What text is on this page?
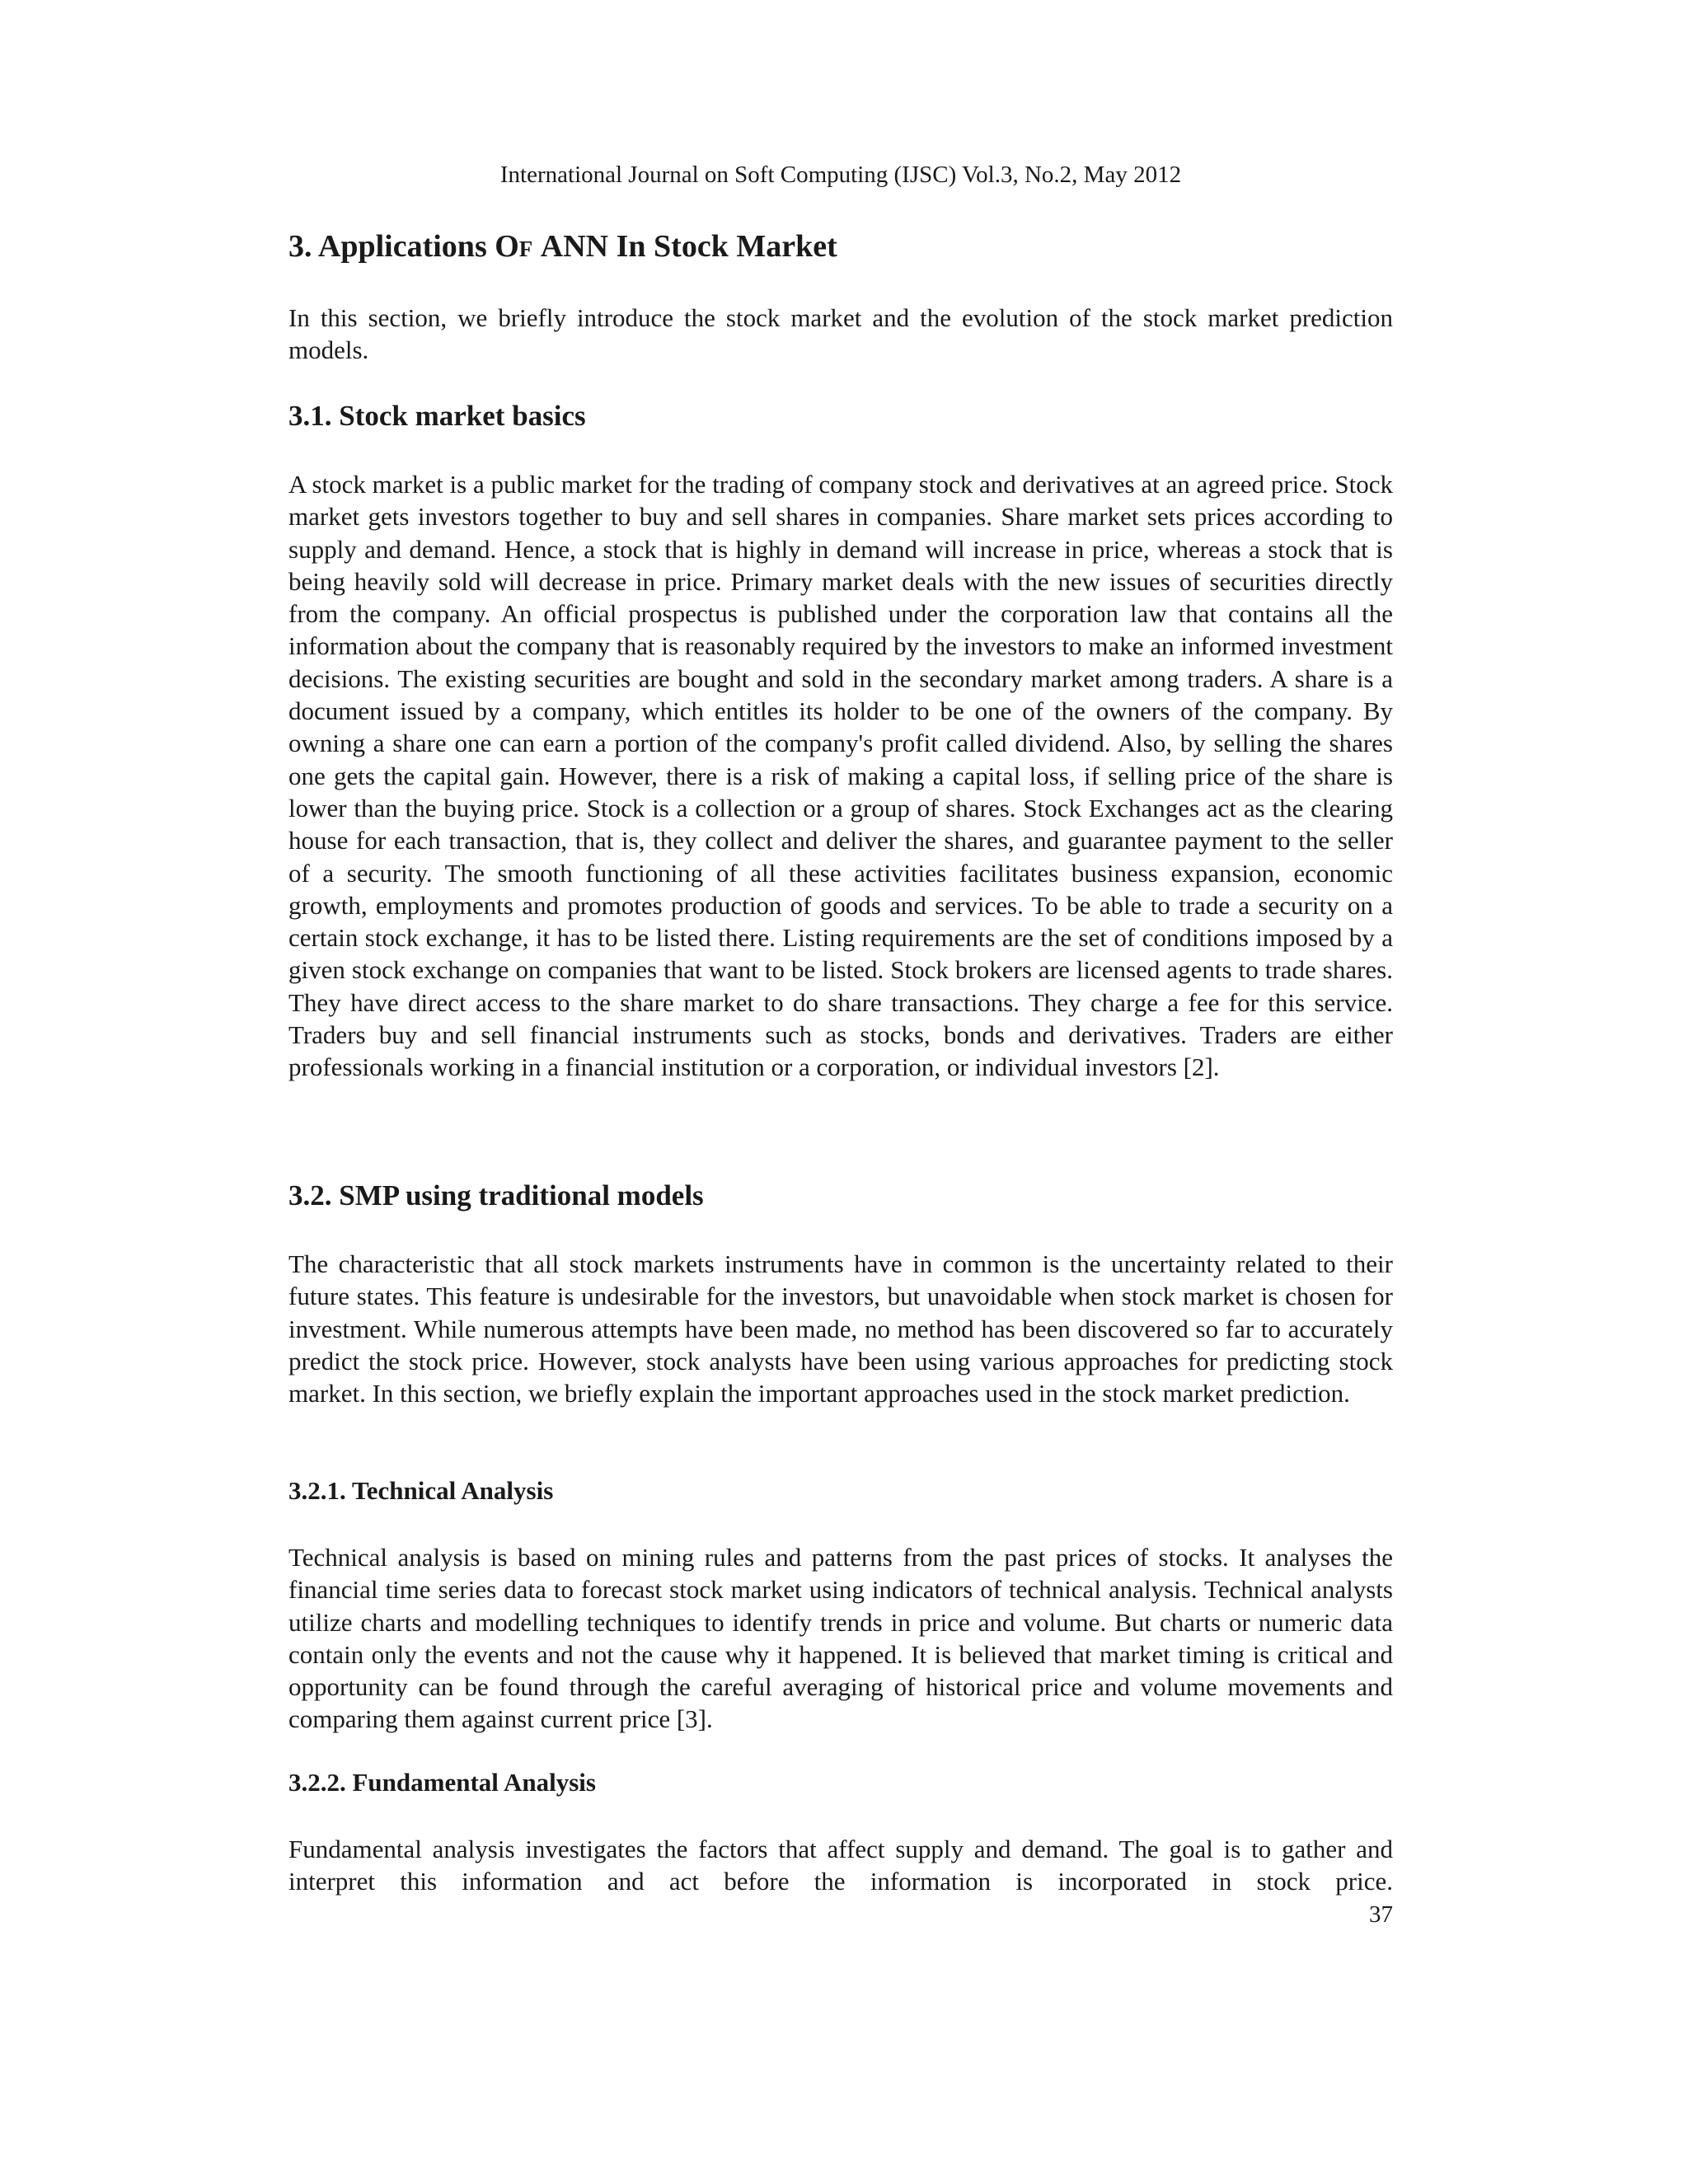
International Journal on Soft Computing (IJSC) Vol.3, No.2, May 2012
3. Applications Of ANN In Stock Market

In this section, we briefly introduce the stock market and the evolution of the stock market prediction models.

3.1. Stock market basics

A stock market is a public market for the trading of company stock and derivatives at an agreed price. Stock market gets investors together to buy and sell shares in companies. Share market sets prices according to supply and demand. Hence, a stock that is highly in demand will increase in price, whereas a stock that is being heavily sold will decrease in price. Primary market deals with the new issues of securities directly from the company. An official prospectus is published under the corporation law that contains all the information about the company that is reasonably required by the investors to make an informed investment decisions. The existing securities are bought and sold in the secondary market among traders. A share is a document issued by a company, which entitles its holder to be one of the owners of the company. By owning a share one can earn a portion of the company's profit called dividend. Also, by selling the shares one gets the capital gain. However, there is a risk of making a capital loss, if selling price of the share is lower than the buying price. Stock is a collection or a group of shares. Stock Exchanges act as the clearing house for each transaction, that is, they collect and deliver the shares, and guarantee payment to the seller of a security. The smooth functioning of all these activities facilitates business expansion, economic growth, employments and promotes production of goods and services. To be able to trade a security on a certain stock exchange, it has to be listed there. Listing requirements are the set of conditions imposed by a given stock exchange on companies that want to be listed. Stock brokers are licensed agents to trade shares. They have direct access to the share market to do share transactions. They charge a fee for this service. Traders buy and sell financial instruments such as stocks, bonds and derivatives. Traders are either professionals working in a financial institution or a corporation, or individual investors [2].

3.2. SMP using traditional models

The characteristic that all stock markets instruments have in common is the uncertainty related to their future states. This feature is undesirable for the investors, but unavoidable when stock market is chosen for investment. While numerous attempts have been made, no method has been discovered so far to accurately predict the stock price. However, stock analysts have been using various approaches for predicting stock market. In this section, we briefly explain the important approaches used in the stock market prediction.

3.2.1. Technical Analysis

Technical analysis is based on mining rules and patterns from the past prices of stocks. It analyses the financial time series data to forecast stock market using indicators of technical analysis. Technical analysts utilize charts and modelling techniques to identify trends in price and volume. But charts or numeric data contain only the events and not the cause why it happened. It is believed that market timing is critical and opportunity can be found through the careful averaging of historical price and volume movements and comparing them against current price [3].

3.2.2. Fundamental Analysis

Fundamental analysis investigates the factors that affect supply and demand. The goal is to gather and interpret this information and act before the information is incorporated in stock price.

37
